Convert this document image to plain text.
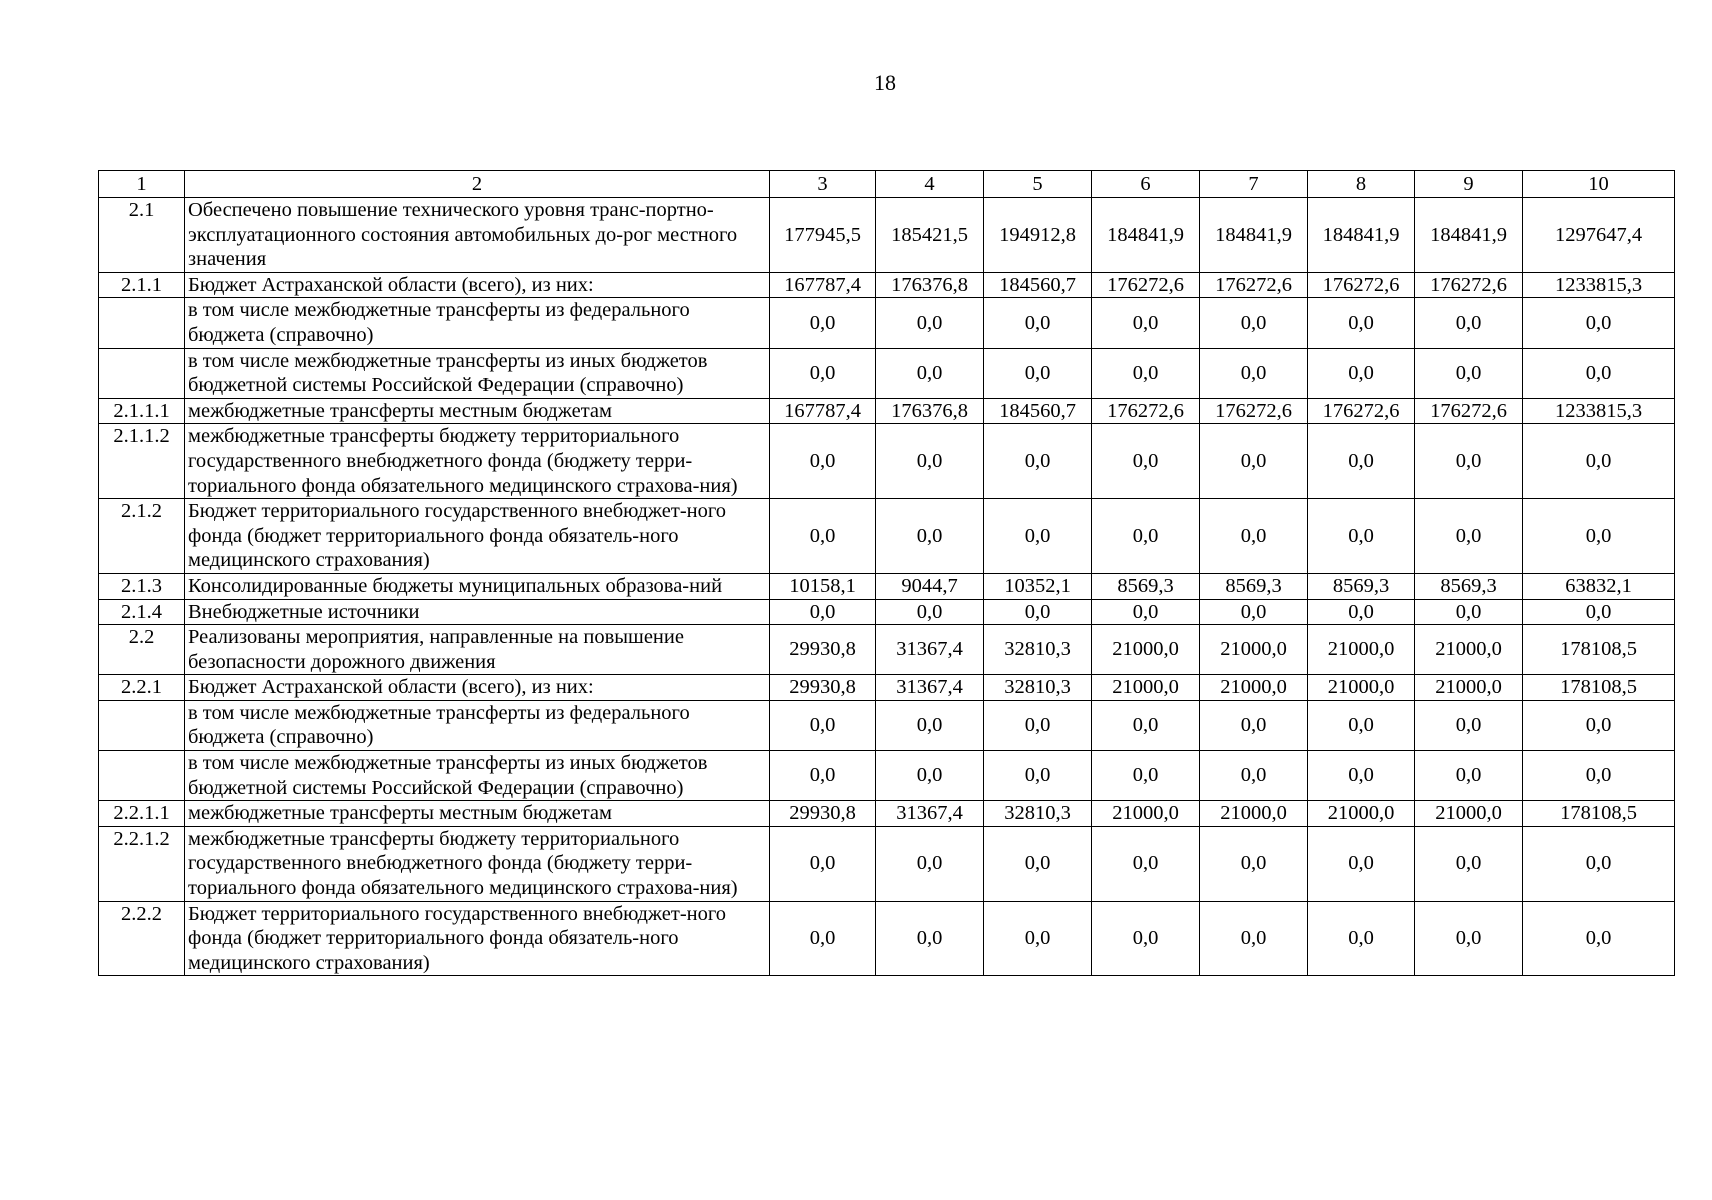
18
1	2	3	4	5	6	7	8	9	10
2.1	Обеспечено повышение технического уровня транс-портно-эксплуатационного состояния автомобильных до-рог местного значения	177945,5	185421,5	194912,8	184841,9	184841,9	184841,9	184841,9	1297647,4
2.1.1	Бюджет Астраханской области (всего), из них:	167787,4	176376,8	184560,7	176272,6	176272,6	176272,6	176272,6	1233815,3
	в том числе межбюджетные трансферты из федерального бюджета (справочно)	0,0	0,0	0,0	0,0	0,0	0,0	0,0	0,0
	в том числе межбюджетные трансферты из иных бюджетов бюджетной системы Российской Федерации (справочно)	0,0	0,0	0,0	0,0	0,0	0,0	0,0	0,0
2.1.1.1	межбюджетные трансферты местным бюджетам	167787,4	176376,8	184560,7	176272,6	176272,6	176272,6	176272,6	1233815,3
2.1.1.2	межбюджетные трансферты бюджету территориального государственного внебюджетного фонда (бюджету терри-ториального фонда обязательного медицинского страхова-ния)	0,0	0,0	0,0	0,0	0,0	0,0	0,0	0,0
2.1.2	Бюджет территориального государственного внебюджет-ного фонда (бюджет территориального фонда обязатель-ного медицинского страхования)	0,0	0,0	0,0	0,0	0,0	0,0	0,0	0,0
2.1.3	Консолидированные бюджеты муниципальных образова-ний	10158,1	9044,7	10352,1	8569,3	8569,3	8569,3	8569,3	63832,1
2.1.4	Внебюджетные источники	0,0	0,0	0,0	0,0	0,0	0,0	0,0	0,0
2.2	Реализованы мероприятия, направленные на повышение безопасности дорожного движения	29930,8	31367,4	32810,3	21000,0	21000,0	21000,0	21000,0	178108,5
2.2.1	Бюджет Астраханской области (всего), из них:	29930,8	31367,4	32810,3	21000,0	21000,0	21000,0	21000,0	178108,5
	в том числе межбюджетные трансферты из федерального бюджета (справочно)	0,0	0,0	0,0	0,0	0,0	0,0	0,0	0,0
	в том числе межбюджетные трансферты из иных бюджетов бюджетной системы Российской Федерации (справочно)	0,0	0,0	0,0	0,0	0,0	0,0	0,0	0,0
2.2.1.1	межбюджетные трансферты местным бюджетам	29930,8	31367,4	32810,3	21000,0	21000,0	21000,0	21000,0	178108,5
2.2.1.2	межбюджетные трансферты бюджету территориального государственного внебюджетного фонда (бюджету терри-ториального фонда обязательного медицинского страхова-ния)	0,0	0,0	0,0	0,0	0,0	0,0	0,0	0,0
2.2.2	Бюджет территориального государственного внебюджет-ного фонда (бюджет территориального фонда обязатель-ного медицинского страхования)	0,0	0,0	0,0	0,0	0,0	0,0	0,0	0,0
